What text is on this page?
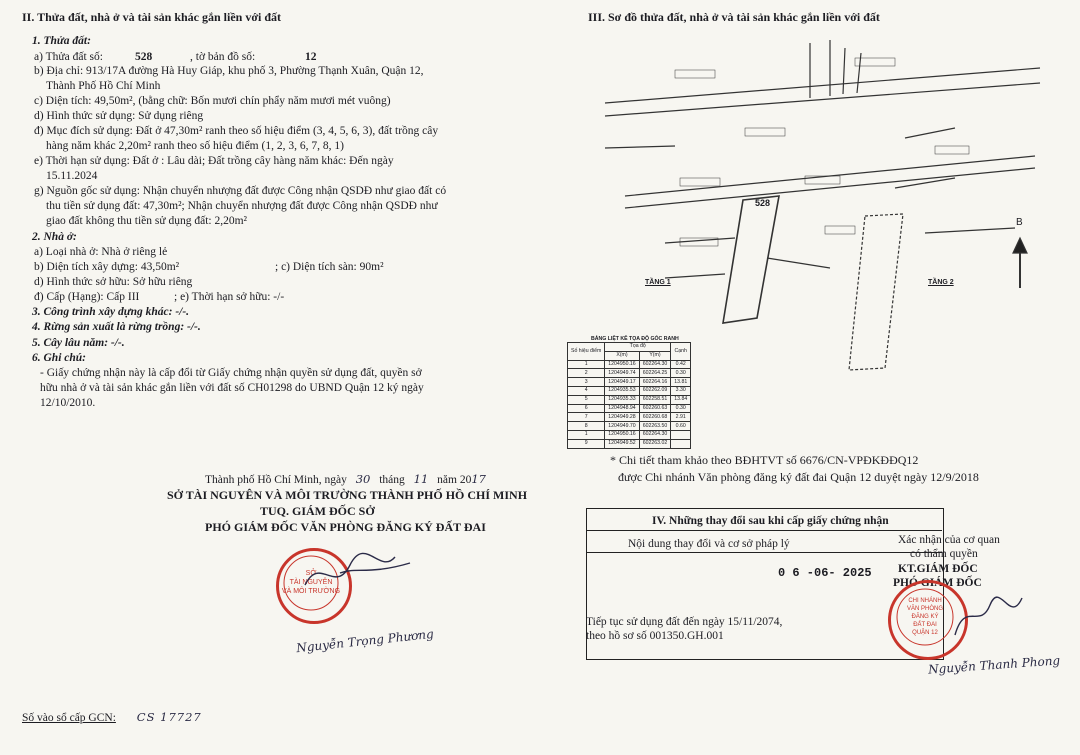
II. Thửa đất, nhà ở và tài sản khác gắn liền với đất
1. Thửa đất:
a) Thửa đất số:	528	, tờ bản đồ số:	12
b) Địa chỉ: 913/17A đường Hà Huy Giáp, khu phố 3, Phường Thạnh Xuân, Quận 12,
Thành Phố Hồ Chí Minh
c) Diện tích: 49,50m², (bằng chữ: Bốn mươi chín phẩy năm mươi mét vuông)
d) Hình thức sử dụng: Sử dụng riêng
đ) Mục đích sử dụng: Đất ở 47,30m² ranh theo số hiệu điểm (3, 4, 5, 6, 3), đất trồng cây
hàng năm khác 2,20m² ranh theo số hiệu điểm (1, 2, 3, 6, 7, 8, 1)
e) Thời hạn sử dụng: Đất ở : Lâu dài; Đất trồng cây hàng năm khác: Đến ngày
15.11.2024
g) Nguồn gốc sử dụng: Nhận chuyển nhượng đất được Công nhận QSDĐ như giao đất có
thu tiền sử dụng đất: 47,30m²; Nhận chuyển nhượng đất được Công nhận QSDĐ như
giao đất không thu tiền sử dụng đất: 2,20m²
2. Nhà ở:
a) Loại nhà ở: Nhà ở riêng lẻ
b) Diện tích xây dựng: 43,50m²	; c) Diện tích sàn: 90m²
d) Hình thức sở hữu: Sở hữu riêng
đ) Cấp (Hạng): Cấp III	; e) Thời hạn sở hữu: -/-
3. Công trình xây dựng khác: -/-.
4. Rừng sản xuất là rừng trồng: -/-.
5. Cây lâu năm: -/-.
6. Ghi chú:
- Giấy chứng nhận này là cấp đổi từ Giấy chứng nhận quyền sử dụng đất, quyền sở
hữu nhà ở và tài sản khác gắn liền với đất số CH01298 do UBND Quận 12 ký ngày
12/10/2010.
Thành phố Hồ Chí Minh, ngày 30 tháng 11 năm 2017
SỞ TÀI NGUYÊN VÀ MÔI TRƯỜNG THÀNH PHỐ HỒ CHÍ MINH
TUQ. GIÁM ĐỐC SỞ
PHÓ GIÁM ĐỐC VĂN PHÒNG ĐĂNG KÝ ĐẤT ĐAI
SỞ
TÀI NGUYÊN
VÀ MÔI TRƯỜNG
Nguyễn Trọng Phương
Số vào sổ cấp GCN: CS 17727
III. Sơ đồ thửa đất, nhà ở và tài sản khác gắn liền với đất
528
TẦNG 1	TẦNG 2
B
BẢNG LIỆT KÊ TỌA ĐỘ GÓC RANH
Số hiệu điểm	Tọa độ		Cạnh
	X(m)	Y(m)	
1	1204950.16	602264.30	0.42
2	1204949.74	602264.25	0.30
3	1204949.17	602264.16	13.81
4	1204935.53	602262.09	3.30
5	1204935.33	602258.51	13.84
6	1204948.94	602260.63	0.30
7	1204949.28	602260.68	2.91
8	1204949.70	602263.50	0.60
1	1204950.16	602264.30	
9	1204949.52	602263.02	
* Chi tiết tham khảo theo BĐHTVT số 6676/CN-VPĐKĐĐQ12
được Chi nhánh Văn phòng đăng ký đất đai Quận 12 duyệt ngày 12/9/2018
IV. Những thay đổi sau khi cấp giấy chứng nhận
Nội dung thay đổi và cơ sở pháp lý	Xác nhận của cơ quan
có thẩm quyền
0 6 -06- 2025 KT.GIÁM ĐỐC
PHÓ GIÁM ĐỐC
Tiếp tục sử dụng đất đến ngày 15/11/2074,
theo hồ sơ số 001350.GH.001
CHI NHÁNH
VĂN PHÒNG
ĐĂNG KÝ
ĐẤT ĐAI
QUẬN 12
Nguyễn Thanh Phong
